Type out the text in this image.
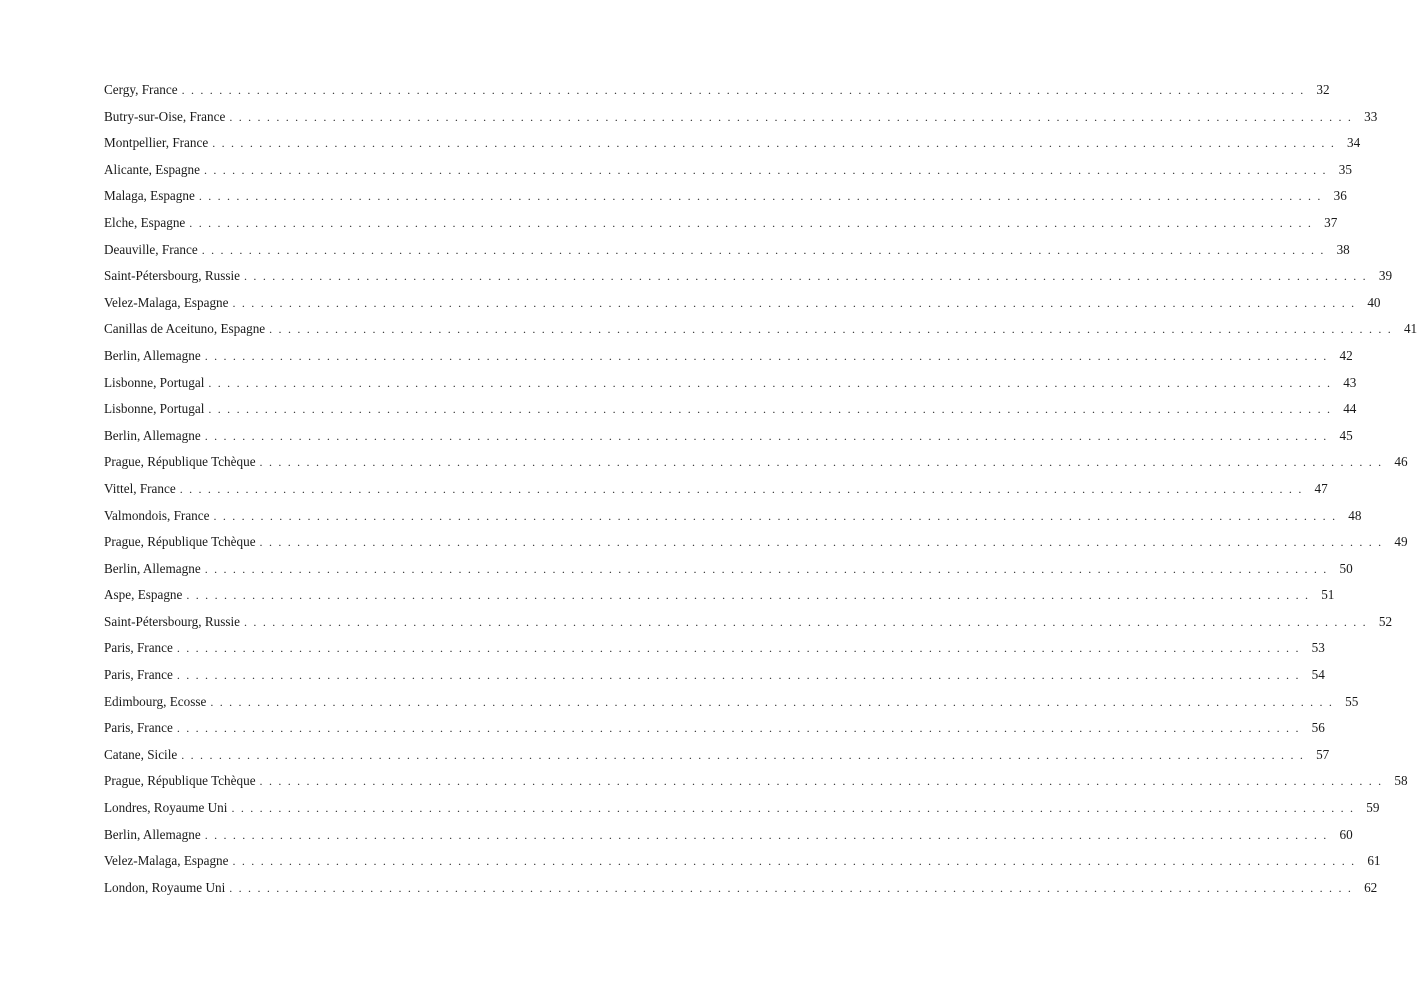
Cergy, France ........................................................................................................................ 32
Butry-sur-Oise, France ........................................................................................................................ 33
Montpellier, France ........................................................................................................................ 34
Alicante, Espagne ........................................................................................................................ 35
Malaga, Espagne ........................................................................................................................ 36
Elche, Espagne ........................................................................................................................ 37
Deauville, France ........................................................................................................................ 38
Saint-Pétersbourg, Russie ........................................................................................................................ 39
Velez-Malaga, Espagne ........................................................................................................................ 40
Canillas de Aceituno, Espagne ........................................................................................................................ 41
Berlin, Allemagne ........................................................................................................................ 42
Lisbonne, Portugal ........................................................................................................................ 43
Lisbonne, Portugal ........................................................................................................................ 44
Berlin, Allemagne ........................................................................................................................ 45
Prague, République Tchèque ........................................................................................................................ 46
Vittel, France ........................................................................................................................ 47
Valmondois, France ........................................................................................................................ 48
Prague, République Tchèque ........................................................................................................................ 49
Berlin, Allemagne ........................................................................................................................ 50
Aspe, Espagne ........................................................................................................................ 51
Saint-Pétersbourg, Russie ........................................................................................................................ 52
Paris, France ........................................................................................................................ 53
Paris, France ........................................................................................................................ 54
Edimbourg, Ecosse ........................................................................................................................ 55
Paris, France ........................................................................................................................ 56
Catane, Sicile ........................................................................................................................ 57
Prague, République Tchèque ........................................................................................................................ 58
Londres, Royaume Uni ........................................................................................................................ 59
Berlin, Allemagne ........................................................................................................................ 60
Velez-Malaga, Espagne ........................................................................................................................ 61
London, Royaume Uni ........................................................................................................................ 62
